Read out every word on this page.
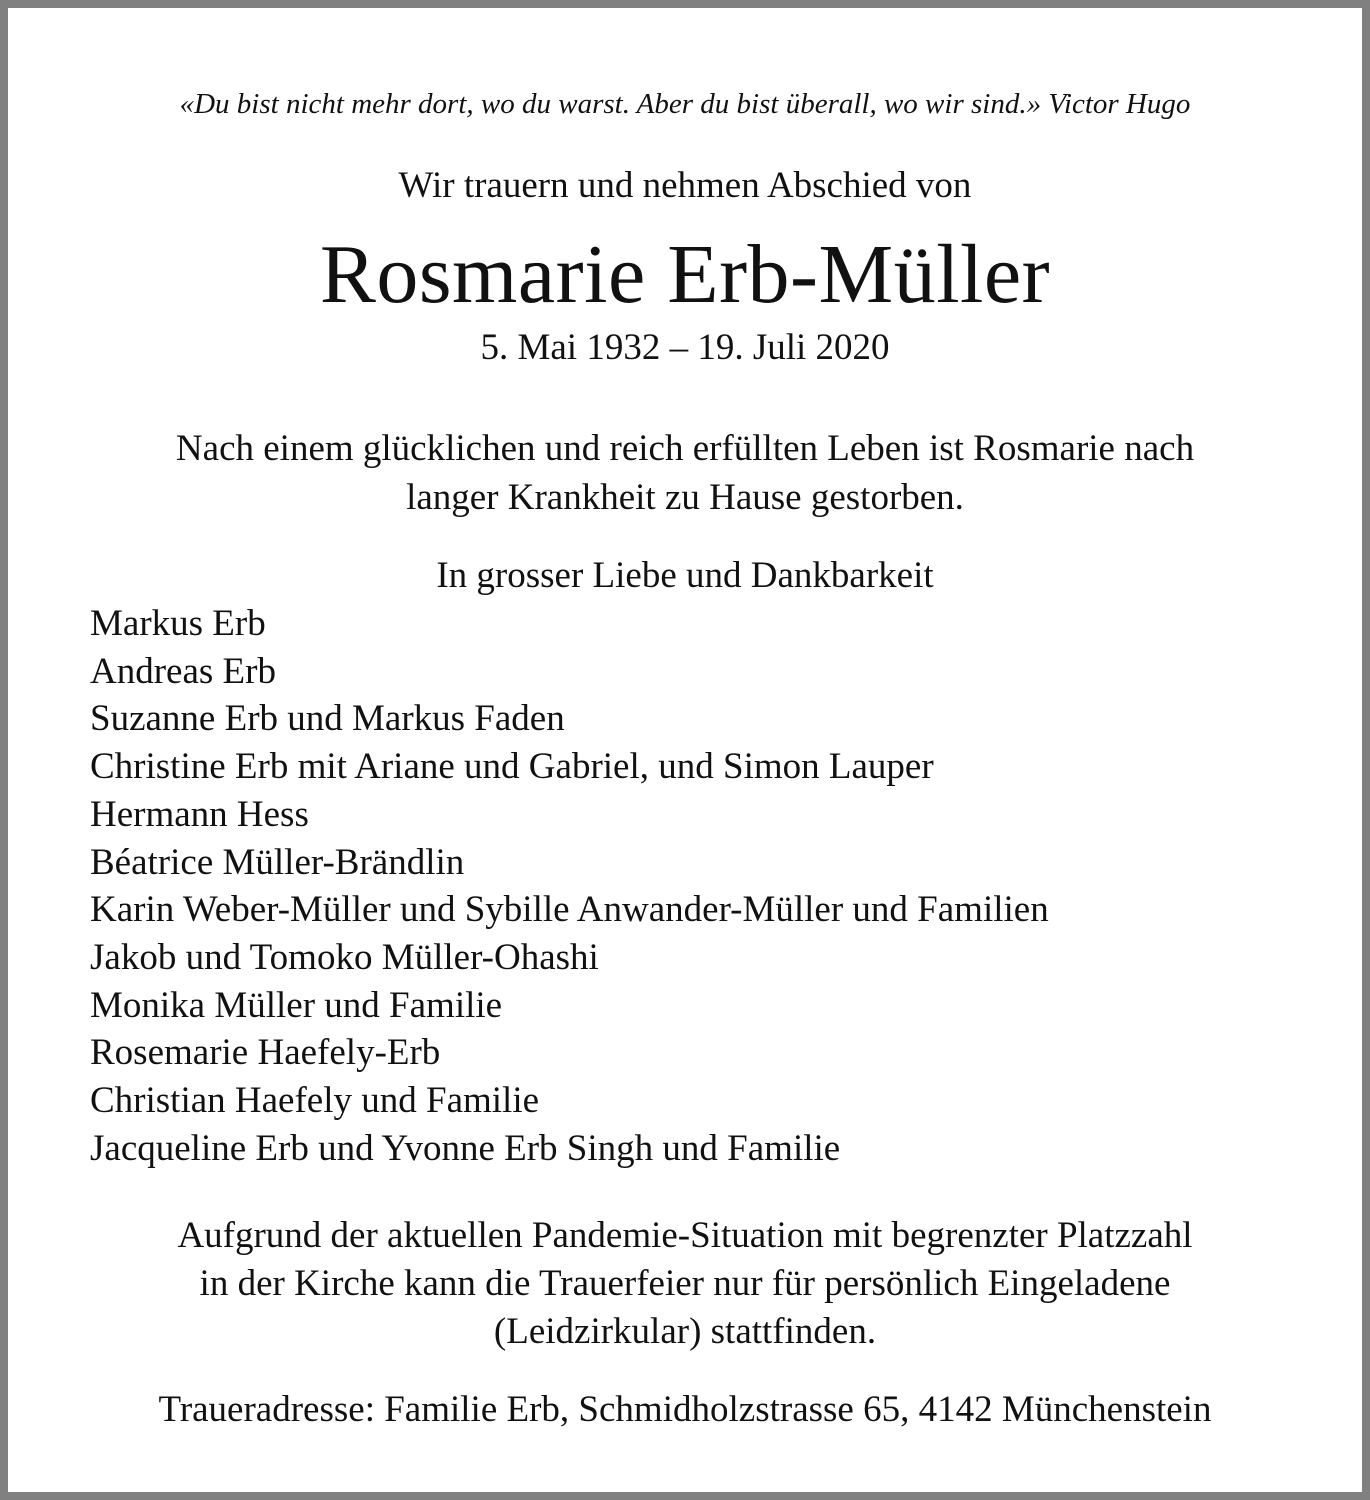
«Du bist nicht mehr dort, wo du warst. Aber du bist überall, wo wir sind.» Victor Hugo

Wir trauern und nehmen Abschied von

Rosmarie Erb-Müller

5. Mai 1932 – 19. Juli 2020

Nach einem glücklichen und reich erfüllten Leben ist Rosmarie nach
langer Krankheit zu Hause gestorben.

In grosser Liebe und Dankbarkeit

Markus Erb
Andreas Erb
Suzanne Erb und Markus Faden
Christine Erb mit Ariane und Gabriel, und Simon Lauper
Hermann Hess
Béatrice Müller-Brändlin
Karin Weber-Müller und Sybille Anwander-Müller und Familien
Jakob und Tomoko Müller-Ohashi
Monika Müller und Familie
Rosemarie Haefely-Erb
Christian Haefely und Familie
Jacqueline Erb und Yvonne Erb Singh und Familie
Aufgrund der aktuellen Pandemie-Situation mit begrenzter Platzzahl
in der Kirche kann die Trauerfeier nur für persönlich Eingeladene
(Leidzirkular) stattfinden.

Traueradresse: Familie Erb, Schmidholzstrasse 65, 4142 Münchenstein
